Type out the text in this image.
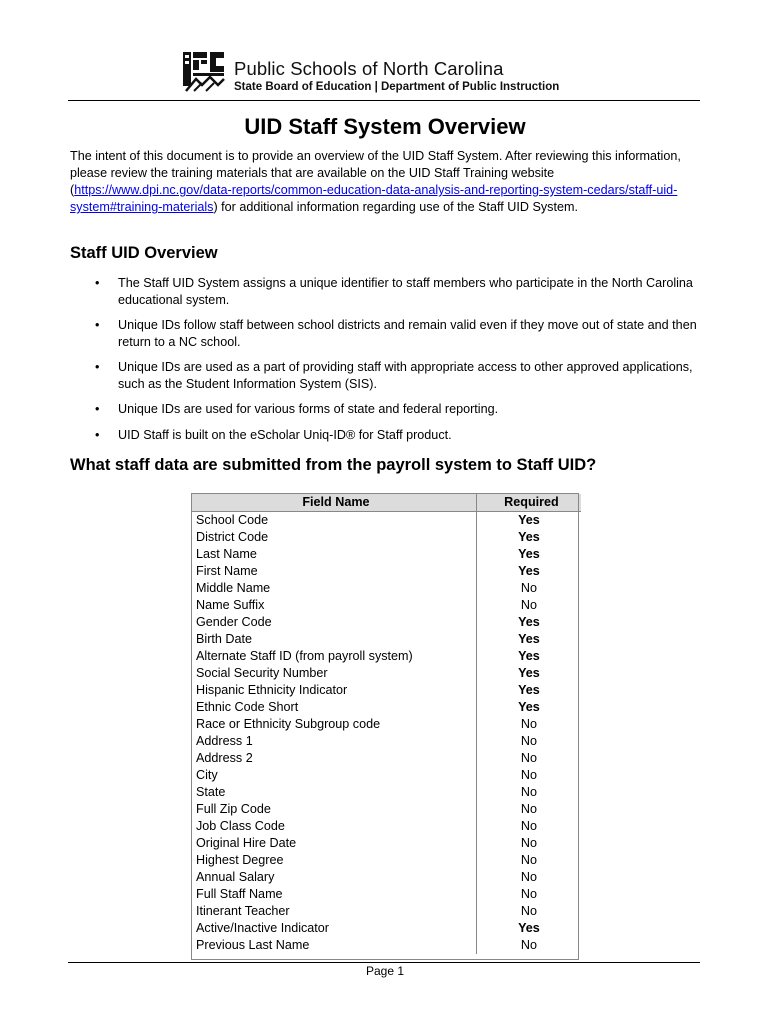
Public Schools of North Carolina
State Board of Education | Department of Public Instruction
UID Staff System Overview
The intent of this document is to provide an overview of the UID Staff System. After reviewing this information, please review the training materials that are available on the UID Staff Training website (https://www.dpi.nc.gov/data-reports/common-education-data-analysis-and-reporting-system-cedars/staff-uid-system#training-materials) for additional information regarding use of the Staff UID System.
Staff UID Overview
• The Staff UID System assigns a unique identifier to staff members who participate in the North Carolina educational system.
• Unique IDs follow staff between school districts and remain valid even if they move out of state and then return to a NC school.
• Unique IDs are used as a part of providing staff with appropriate access to other approved applications, such as the Student Information System (SIS).
• Unique IDs are used for various forms of state and federal reporting.
• UID Staff is built on the eScholar Uniq-ID® for Staff product.
What staff data are submitted from the payroll system to Staff UID?
Field Name	Required
School Code	Yes
District Code	Yes
Last Name	Yes
First Name	Yes
Middle Name	No
Name Suffix	No
Gender Code	Yes
Birth Date	Yes
Alternate Staff ID (from payroll system)	Yes
Social Security Number	Yes
Hispanic Ethnicity Indicator	Yes
Ethnic Code Short	Yes
Race or Ethnicity Subgroup code	No
Address 1	No
Address 2	No
City	No
State	No
Full Zip Code	No
Job Class Code	No
Original Hire Date	No
Highest Degree	No
Annual Salary	No
Full Staff Name	No
Itinerant Teacher	No
Active/Inactive Indicator	Yes
Previous Last Name	No
Page 1
